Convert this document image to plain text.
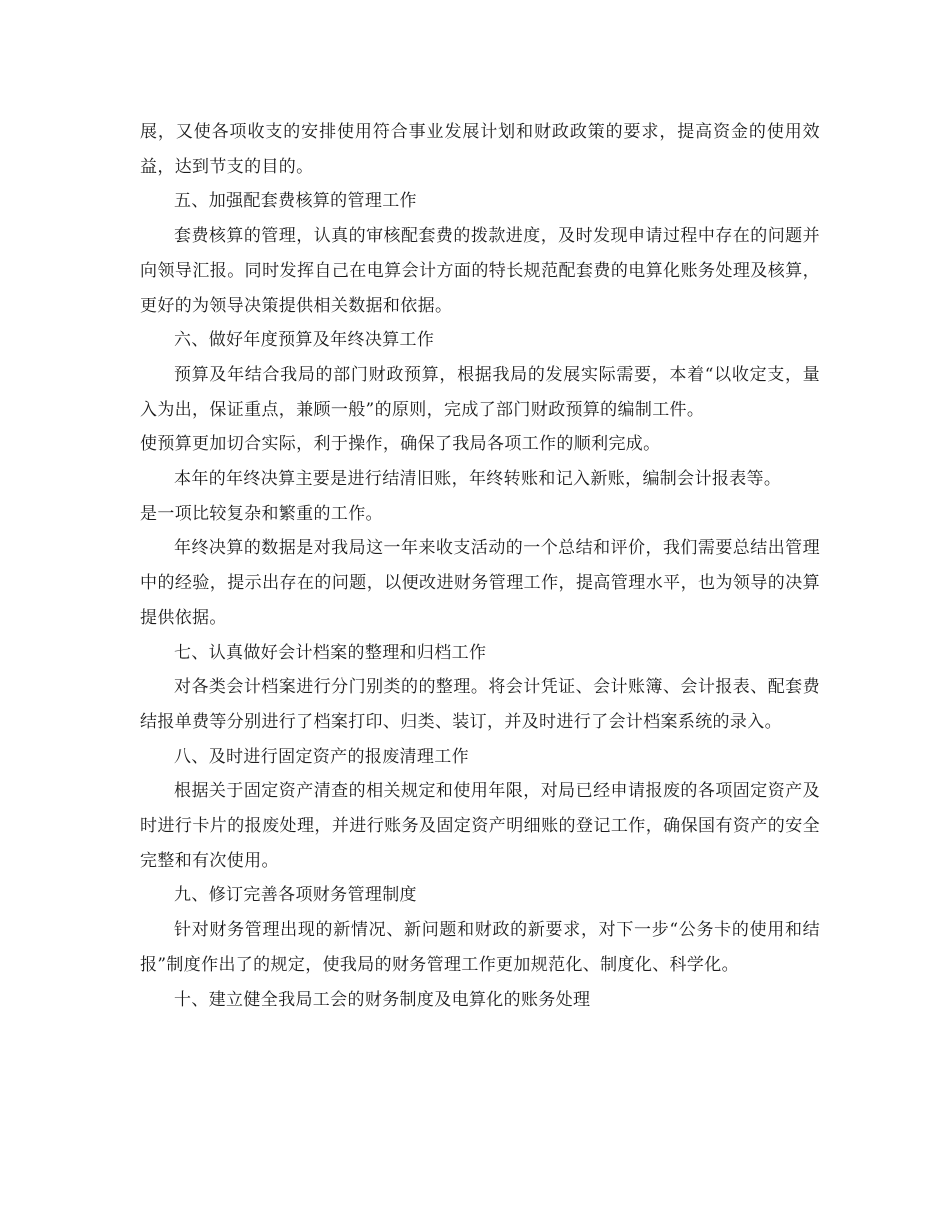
展，又使各项收支的安排使用符合事业发展计划和财政政策的要求，提高资金的使用效益，达到节支的目的。

五、加强配套费核算的管理工作

套费核算的管理，认真的审核配套费的拨款进度，及时发现申请过程中存在的问题并向领导汇报。同时发挥自己在电算会计方面的特长规范配套费的电算化账务处理及核算，更好的为领导决策提供相关数据和依据。

六、做好年度预算及年终决算工作

预算及年结合我局的部门财政预算，根据我局的发展实际需要，本着“以收定支，量入为出，保证重点，兼顾一般”的原则，完成了部门财政预算的编制工件。

使预算更加切合实际，利于操作，确保了我局各项工作的顺利完成。

本年的年终决算主要是进行结清旧账，年终转账和记入新账，编制会计报表等。

是一项比较复杂和繁重的工作。

年终决算的数据是对我局这一年来收支活动的一个总结和评价，我们需要总结出管理中的经验，提示出存在的问题，以便改进财务管理工作，提高管理水平，也为领导的决算提供依据。

七、认真做好会计档案的整理和归档工作

对各类会计档案进行分门别类的的整理。将会计凭证、会计账簿、会计报表、配套费结报单费等分别进行了档案打印、归类、装订，并及时进行了会计档案系统的录入。

八、及时进行固定资产的报废清理工作

根据关于固定资产清查的相关规定和使用年限，对局已经申请报废的各项固定资产及时进行卡片的报废处理，并进行账务及固定资产明细账的登记工作，确保国有资产的安全完整和有次使用。

九、修订完善各项财务管理制度

针对财务管理出现的新情况、新问题和财政的新要求，对下一步“公务卡的使用和结报”制度作出了的规定，使我局的财务管理工作更加规范化、制度化、科学化。

十、建立健全我局工会的财务制度及电算化的账务处理
